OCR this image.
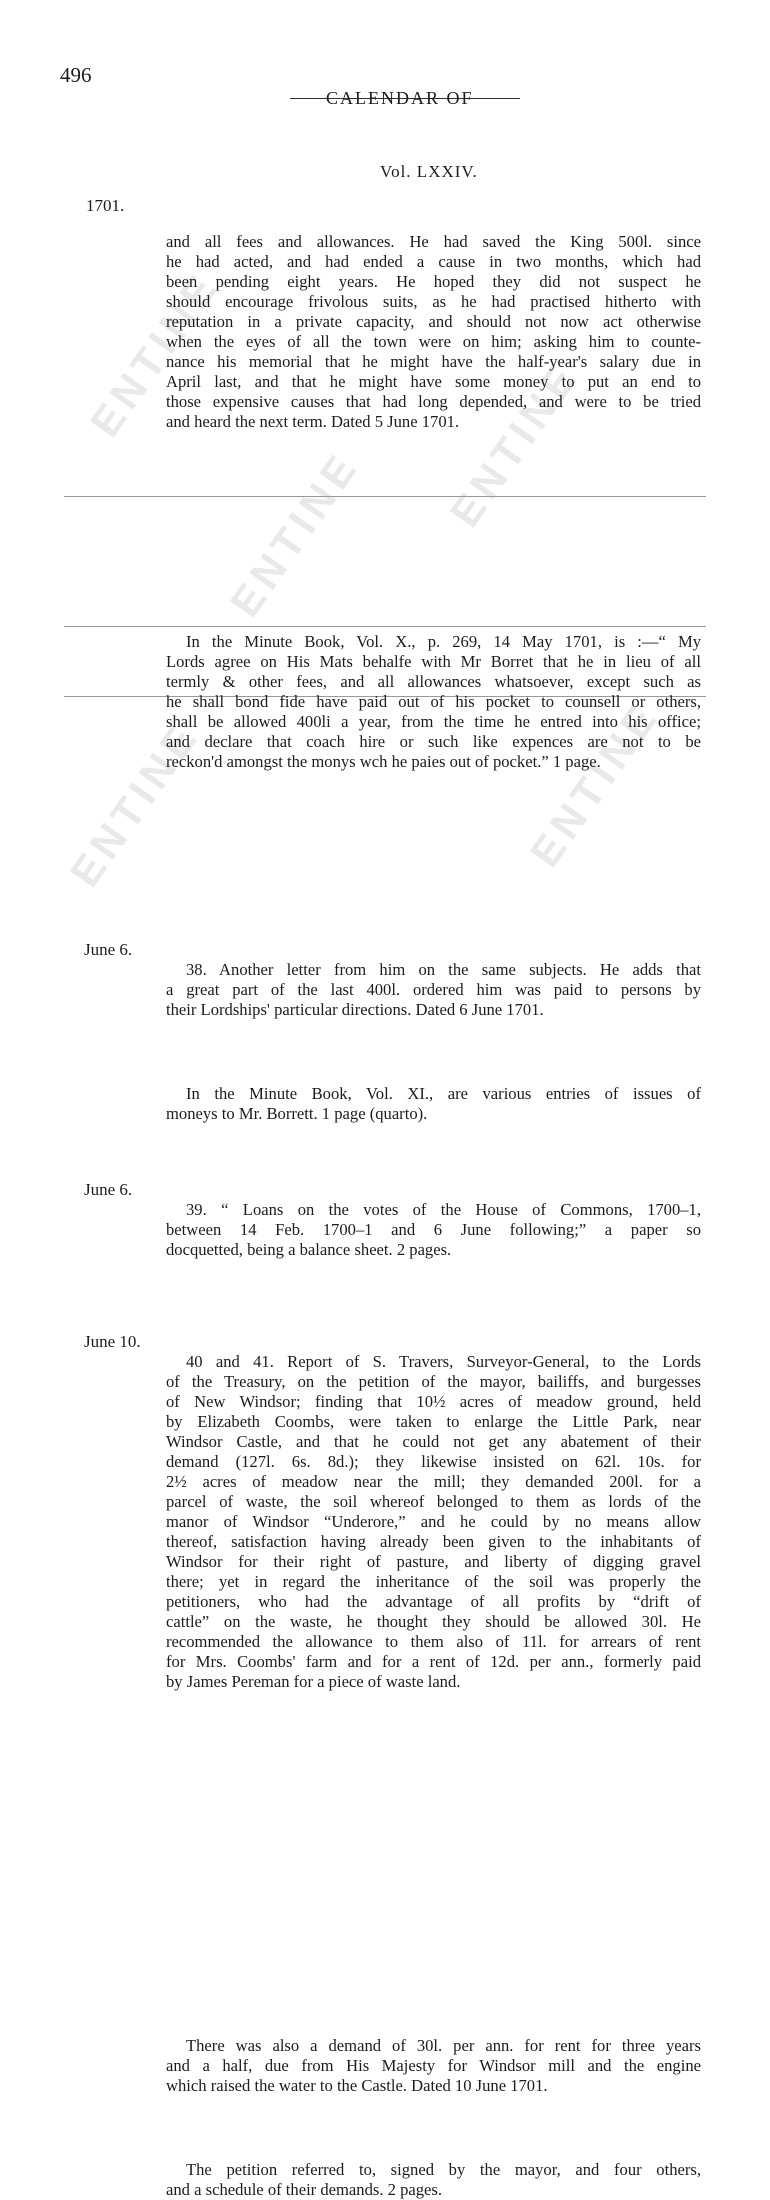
ENTINE
ENTINE
ENTINE
ENTINE
ENTINE
496
CALENDAR OF
Vol. LXXIV.
1701.
and all fees and allowances. He had saved the King 500l. since
he had acted, and had ended a cause in two months, which had
been pending eight years. He hoped they did not suspect he
should encourage frivolous suits, as he had practised hitherto with
reputation in a private capacity, and should not now act otherwise
when the eyes of all the town were on him; asking him to counte-
nance his memorial that he might have the half-year's salary due in
April last, and that he might have some money to put an end to
those expensive causes that had long depended, and were to be tried
and heard the next term. Dated 5 June 1701.
In the Minute Book, Vol. X., p. 269, 14 May 1701, is :—“ My
Lords agree on His Mats behalfe with Mr Borret that he in lieu of all
termly & other fees, and all allowances whatsoever, except such as
he shall bond fide have paid out of his pocket to counsell or others,
shall be allowed 400li a year, from the time he entred into his office;
and declare that coach hire or such like expences are not to be
reckon'd amongst the monys wch he paies out of pocket.” 1 page.
June 6.
38. Another letter from him on the same subjects. He adds that
a great part of the last 400l. ordered him was paid to persons by
their Lordships' particular directions. Dated 6 June 1701.
In the Minute Book, Vol. XI., are various entries of issues of
moneys to Mr. Borrett. 1 page (quarto).
June 6.
39. “ Loans on the votes of the House of Commons, 1700–1,
between 14 Feb. 1700–1 and 6 June following;” a paper so
docquetted, being a balance sheet. 2 pages.
June 10.
40 and 41. Report of S. Travers, Surveyor-General, to the Lords
of the Treasury, on the petition of the mayor, bailiffs, and burgesses
of New Windsor; finding that 10½ acres of meadow ground, held
by Elizabeth Coombs, were taken to enlarge the Little Park, near
Windsor Castle, and that he could not get any abatement of their
demand (127l. 6s. 8d.); they likewise insisted on 62l. 10s. for
2½ acres of meadow near the mill; they demanded 200l. for a
parcel of waste, the soil whereof belonged to them as lords of the
manor of Windsor “Underore,” and he could by no means allow
thereof, satisfaction having already been given to the inhabitants of
Windsor for their right of pasture, and liberty of digging gravel
there; yet in regard the inheritance of the soil was properly the
petitioners, who had the advantage of all profits by “drift of
cattle” on the waste, he thought they should be allowed 30l. He
recommended the allowance to them also of 11l. for arrears of rent
for Mrs. Coombs' farm and for a rent of 12d. per ann., formerly paid
by James Pereman for a piece of waste land.
There was also a demand of 30l. per ann. for rent for three years
and a half, due from His Majesty for Windsor mill and the engine
which raised the water to the Castle. Dated 10 June 1701.
The petition referred to, signed by the mayor, and four others,
and a schedule of their demands. 2 pages.
